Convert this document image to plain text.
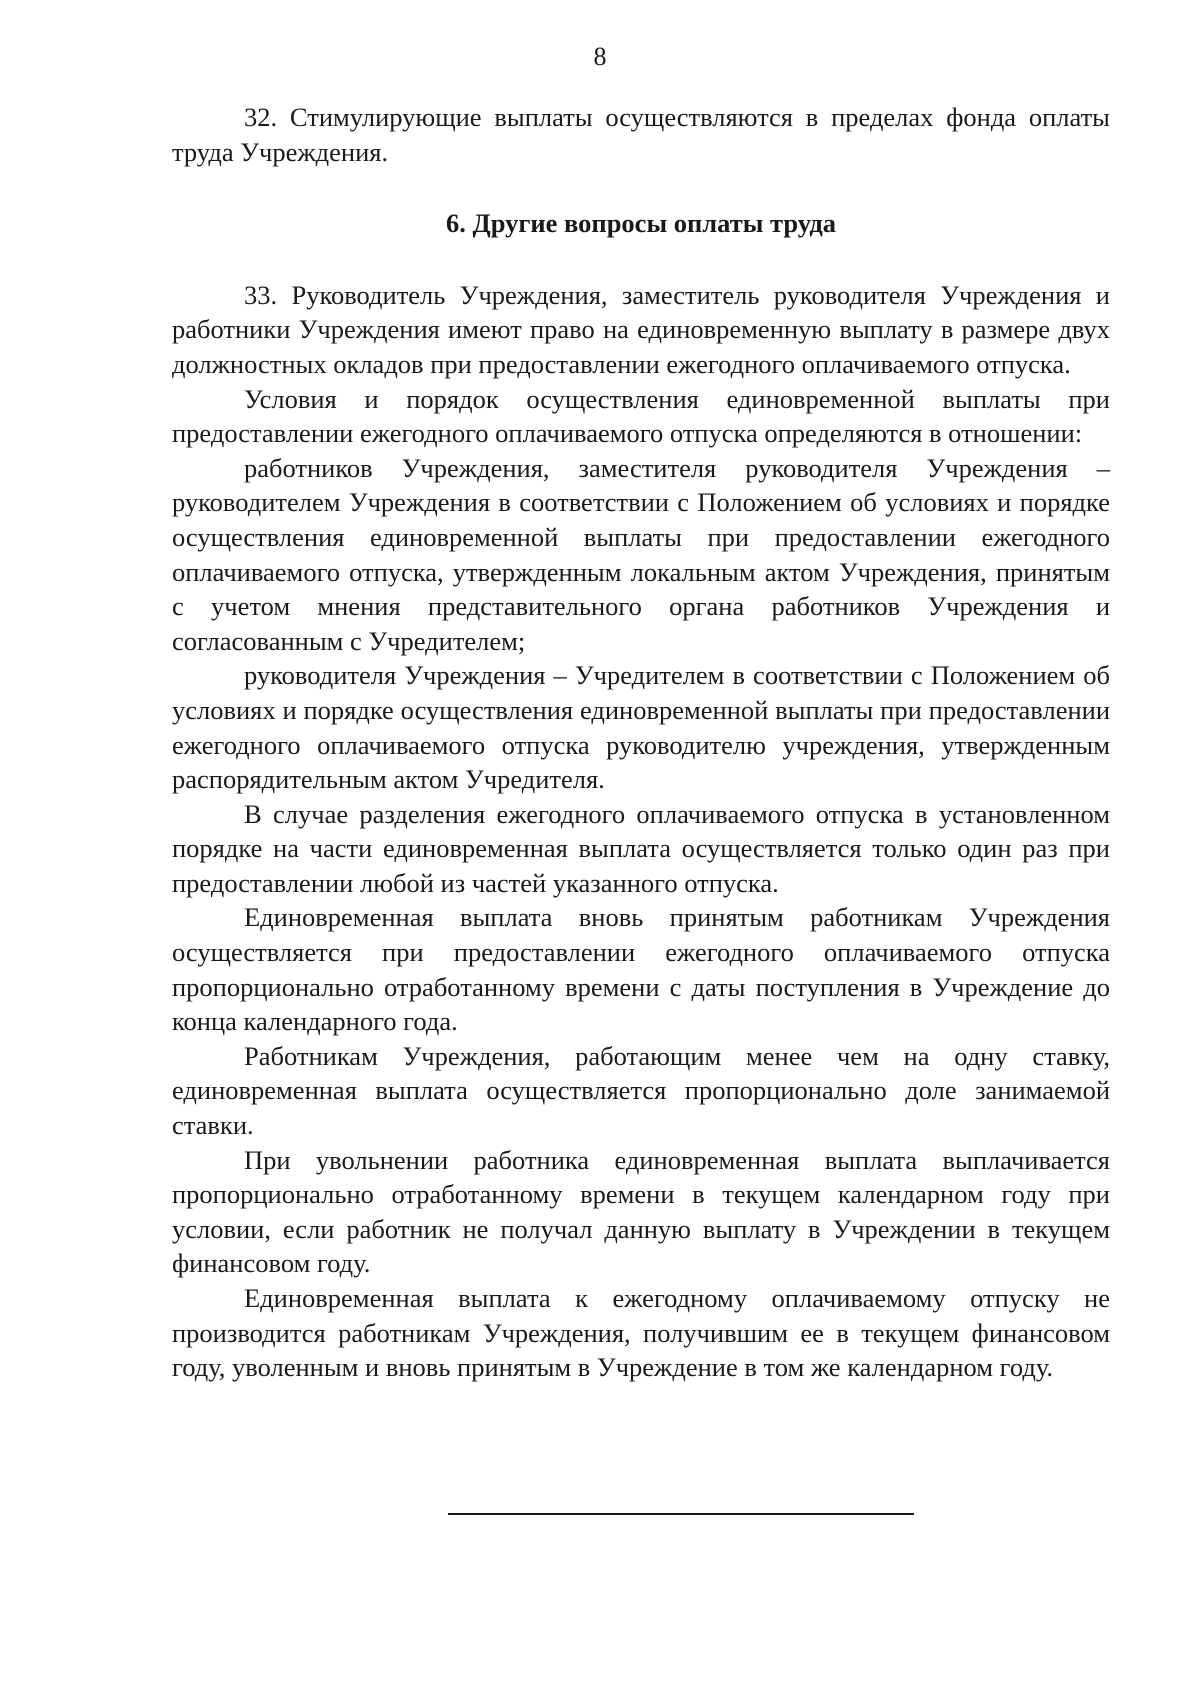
8

32. Стимулирующие выплаты осуществляются в пределах фонда оплаты труда Учреждения.

6. Другие вопросы оплаты труда

33. Руководитель Учреждения, заместитель руководителя Учреждения и работники Учреждения имеют право на единовременную выплату в размере двух должностных окладов при предоставлении ежегодного оплачиваемого отпуска.

Условия и порядок осуществления единовременной выплаты при предоставлении ежегодного оплачиваемого отпуска определяются в отношении:

работников Учреждения, заместителя руководителя Учреждения – руководителем Учреждения в соответствии с Положением об условиях и порядке осуществления единовременной выплаты при предоставлении ежегодного оплачиваемого отпуска, утвержденным локальным актом Учреждения, принятым с учетом мнения представительного органа работников Учреждения и согласованным с Учредителем;

руководителя Учреждения – Учредителем в соответствии с Положением об условиях и порядке осуществления единовременной выплаты при предоставлении ежегодного оплачиваемого отпуска руководителю учреждения, утвержденным распорядительным актом Учредителя.

В случае разделения ежегодного оплачиваемого отпуска в установленном порядке на части единовременная выплата осуществляется только один раз при предоставлении любой из частей указанного отпуска.

Единовременная выплата вновь принятым работникам Учреждения осуществляется при предоставлении ежегодного оплачиваемого отпуска пропорционально отработанному времени с даты поступления в Учреждение до конца календарного года.

Работникам Учреждения, работающим менее чем на одну ставку, единовременная выплата осуществляется пропорционально доле занимаемой ставки.

При увольнении работника единовременная выплата выплачивается пропорционально отработанному времени в текущем календарном году при условии, если работник не получал данную выплату в Учреждении в текущем финансовом году.

Единовременная выплата к ежегодному оплачиваемому отпуску не производится работникам Учреждения, получившим ее в текущем финансовом году, уволенным и вновь принятым в Учреждение в том же календарном году.
